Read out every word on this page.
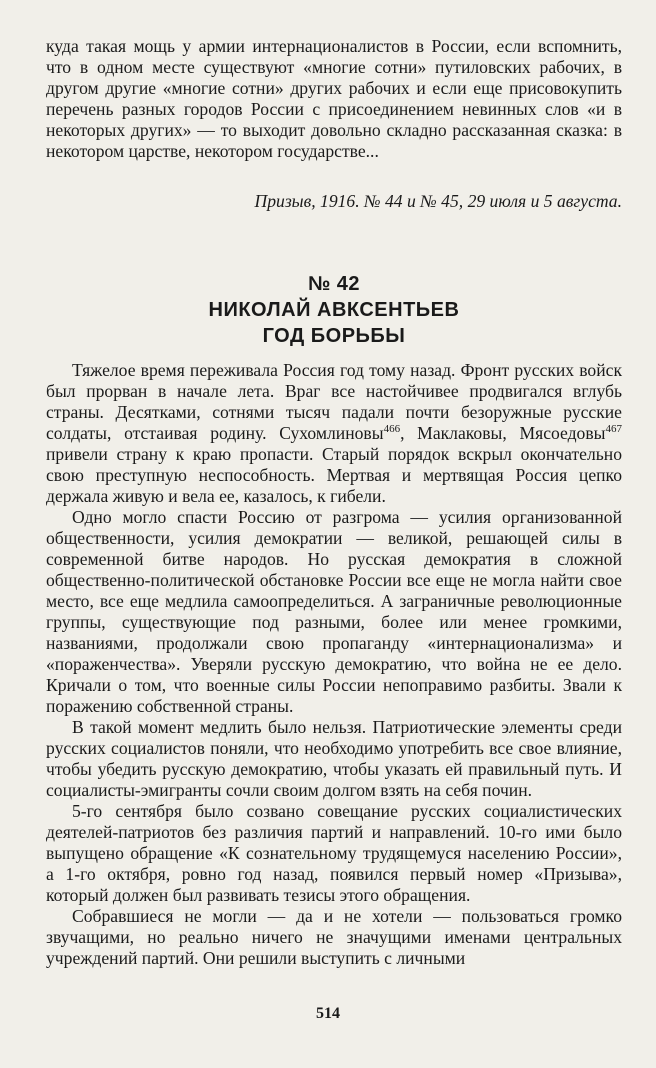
куда такая мощь у армии интернационалистов в России, если вспомнить, что в одном месте существуют «многие сотни» путиловских рабочих, в другом другие «многие сотни» других рабочих и если еще присовокупить перечень разных городов России с присоединением невинных слов «и в некоторых других» — то выходит довольно складно рассказанная сказка: в некотором царстве, некотором государстве...

Призыв, 1916. № 44 и № 45, 29 июля и 5 августа.
№ 42
НИКОЛАЙ АВКСЕНТЬЕВ
ГОД БОРЬБЫ

Тяжелое время переживала Россия год тому назад. Фронт русских войск был прорван в начале лета. Враг все настойчивее продвигался вглубь страны. Десятками, сотнями тысяч падали почти безоружные русские солдаты, отстаивая родину. Сухомлиновы$^{466}$, Маклаковы, Мясоедовы$^{467}$ привели страну к краю пропасти. Старый порядок вскрыл окончательно свою преступную неспособность. Мертвая и мертвящая Россия цепко держала живую и вела ее, казалось, к гибели.

Одно могло спасти Россию от разгрома — усилия организованной общественности, усилия демократии — великой, решающей силы в современной битве народов. Но русская демократия в сложной общественно-политической обстановке России все еще не могла найти свое место, все еще медлила самоопределиться. А заграничные революционные группы, существующие под разными, более или менее громкими, названиями, продолжали свою пропаганду «интернационализма» и «пораженчества». Уверяли русскую демократию, что война не ее дело. Кричали о том, что военные силы России непоправимо разбиты. Звали к поражению собственной страны.

В такой момент медлить было нельзя. Патриотические элементы среди русских социалистов поняли, что необходимо употребить все свое влияние, чтобы убедить русскую демократию, чтобы указать ей правильный путь. И социалисты-эмигранты сочли своим долгом взять на себя почин.

5-го сентября было созвано совещание русских социалистических деятелей-патриотов без различия партий и направлений. 10-го ими было выпущено обращение «К сознательному трудящемуся населению России», а 1-го октября, ровно год назад, появился первый номер «Призыва», который должен был развивать тезисы этого обращения.

Собравшиеся не могли — да и не хотели — пользоваться громко звучащими, но реально ничего не значущими именами центральных учреждений партий. Они решили выступить с личными

514
